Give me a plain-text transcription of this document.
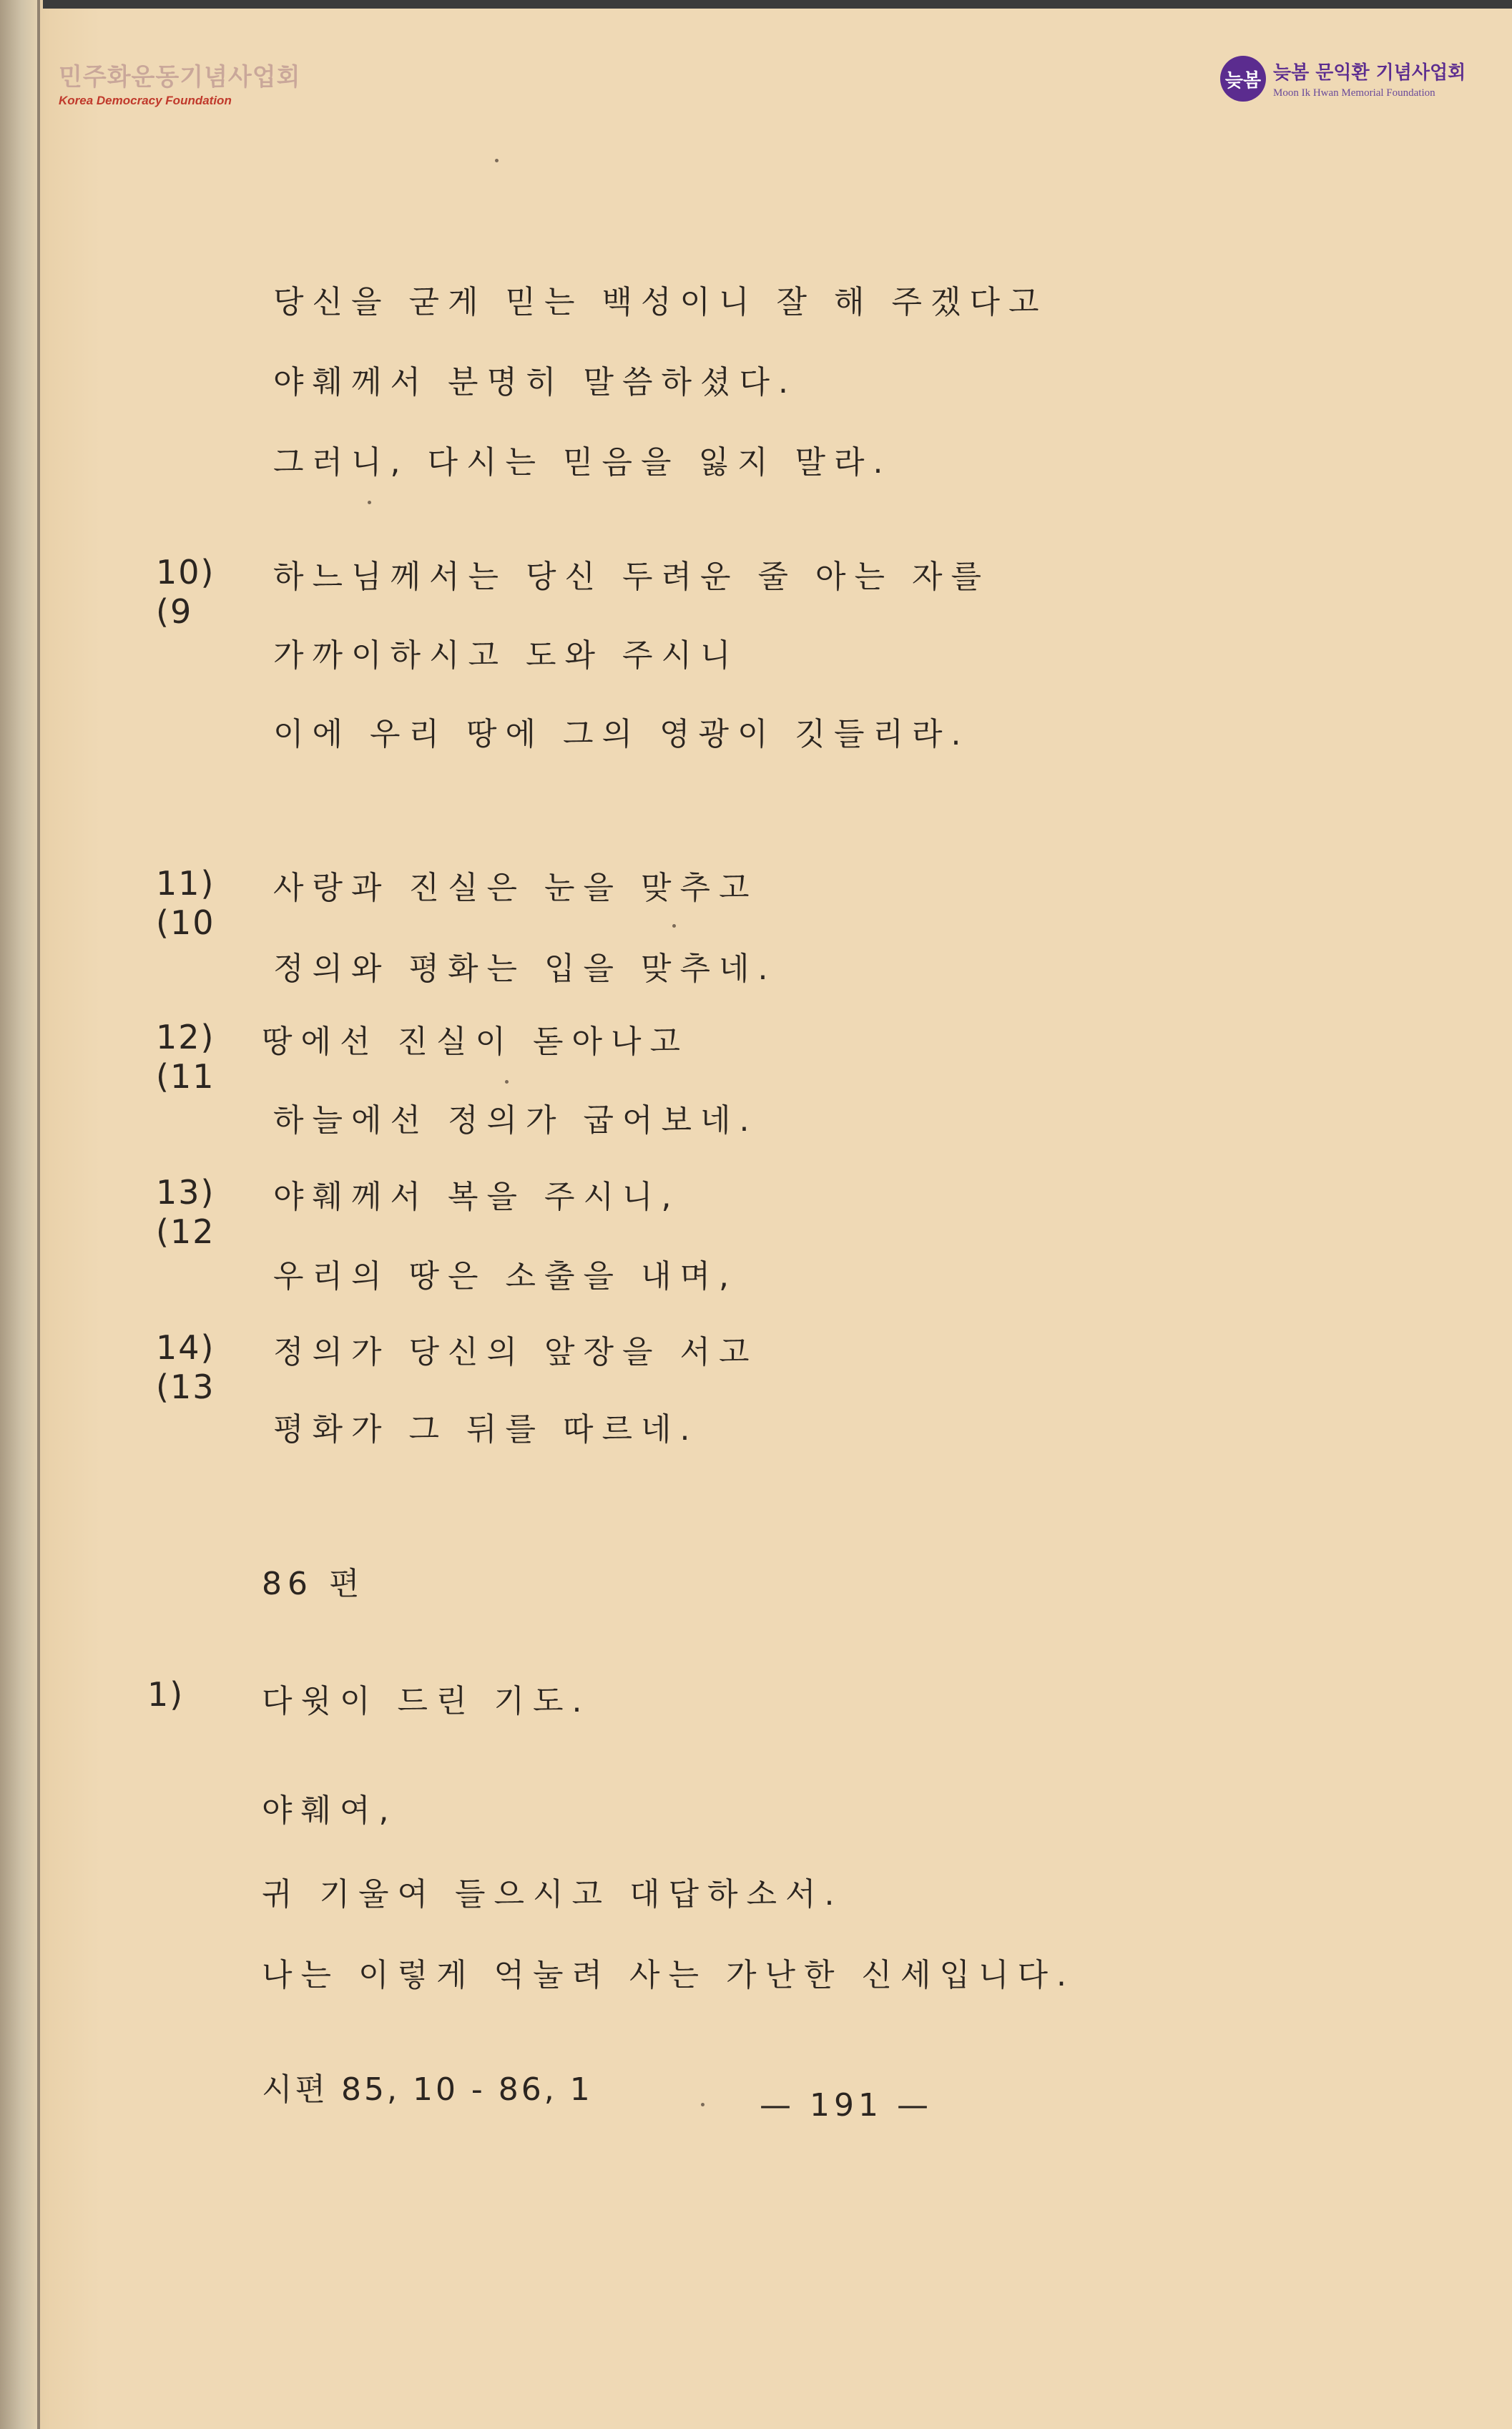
민주화운동기념사업회
Korea Democracy Foundation
늦봄 늦봄 문익환 기념사업회
Moon Ik Hwan Memorial Foundation
당신을 굳게 믿는 백성이니 잘 해 주겠다고
야훼께서 분명히 말씀하셨다.
그러니, 다시는 믿음을 잃지 말라.
10)
(9
하느님께서는 당신 두려운 줄 아는 자를
가까이하시고 도와 주시니
이에 우리 땅에 그의 영광이 깃들리라.
11)
(10
사랑과 진실은 눈을 맞추고
정의와 평화는 입을 맞추네.
12)
(11
땅에선 진실이 돋아나고
하늘에선 정의가 굽어보네.
13)
(12
야훼께서 복을 주시니,
우리의 땅은 소출을 내며,
14)
(13
정의가 당신의 앞장을 서고
평화가 그 뒤를 따르네.
86 편
1) 다윗이 드린 기도.
야훼여,
귀 기울여 들으시고 대답하소서.
나는 이렇게 억눌려 사는 가난한 신세입니다.
시편 85, 10 - 86, 1	— 191 —
